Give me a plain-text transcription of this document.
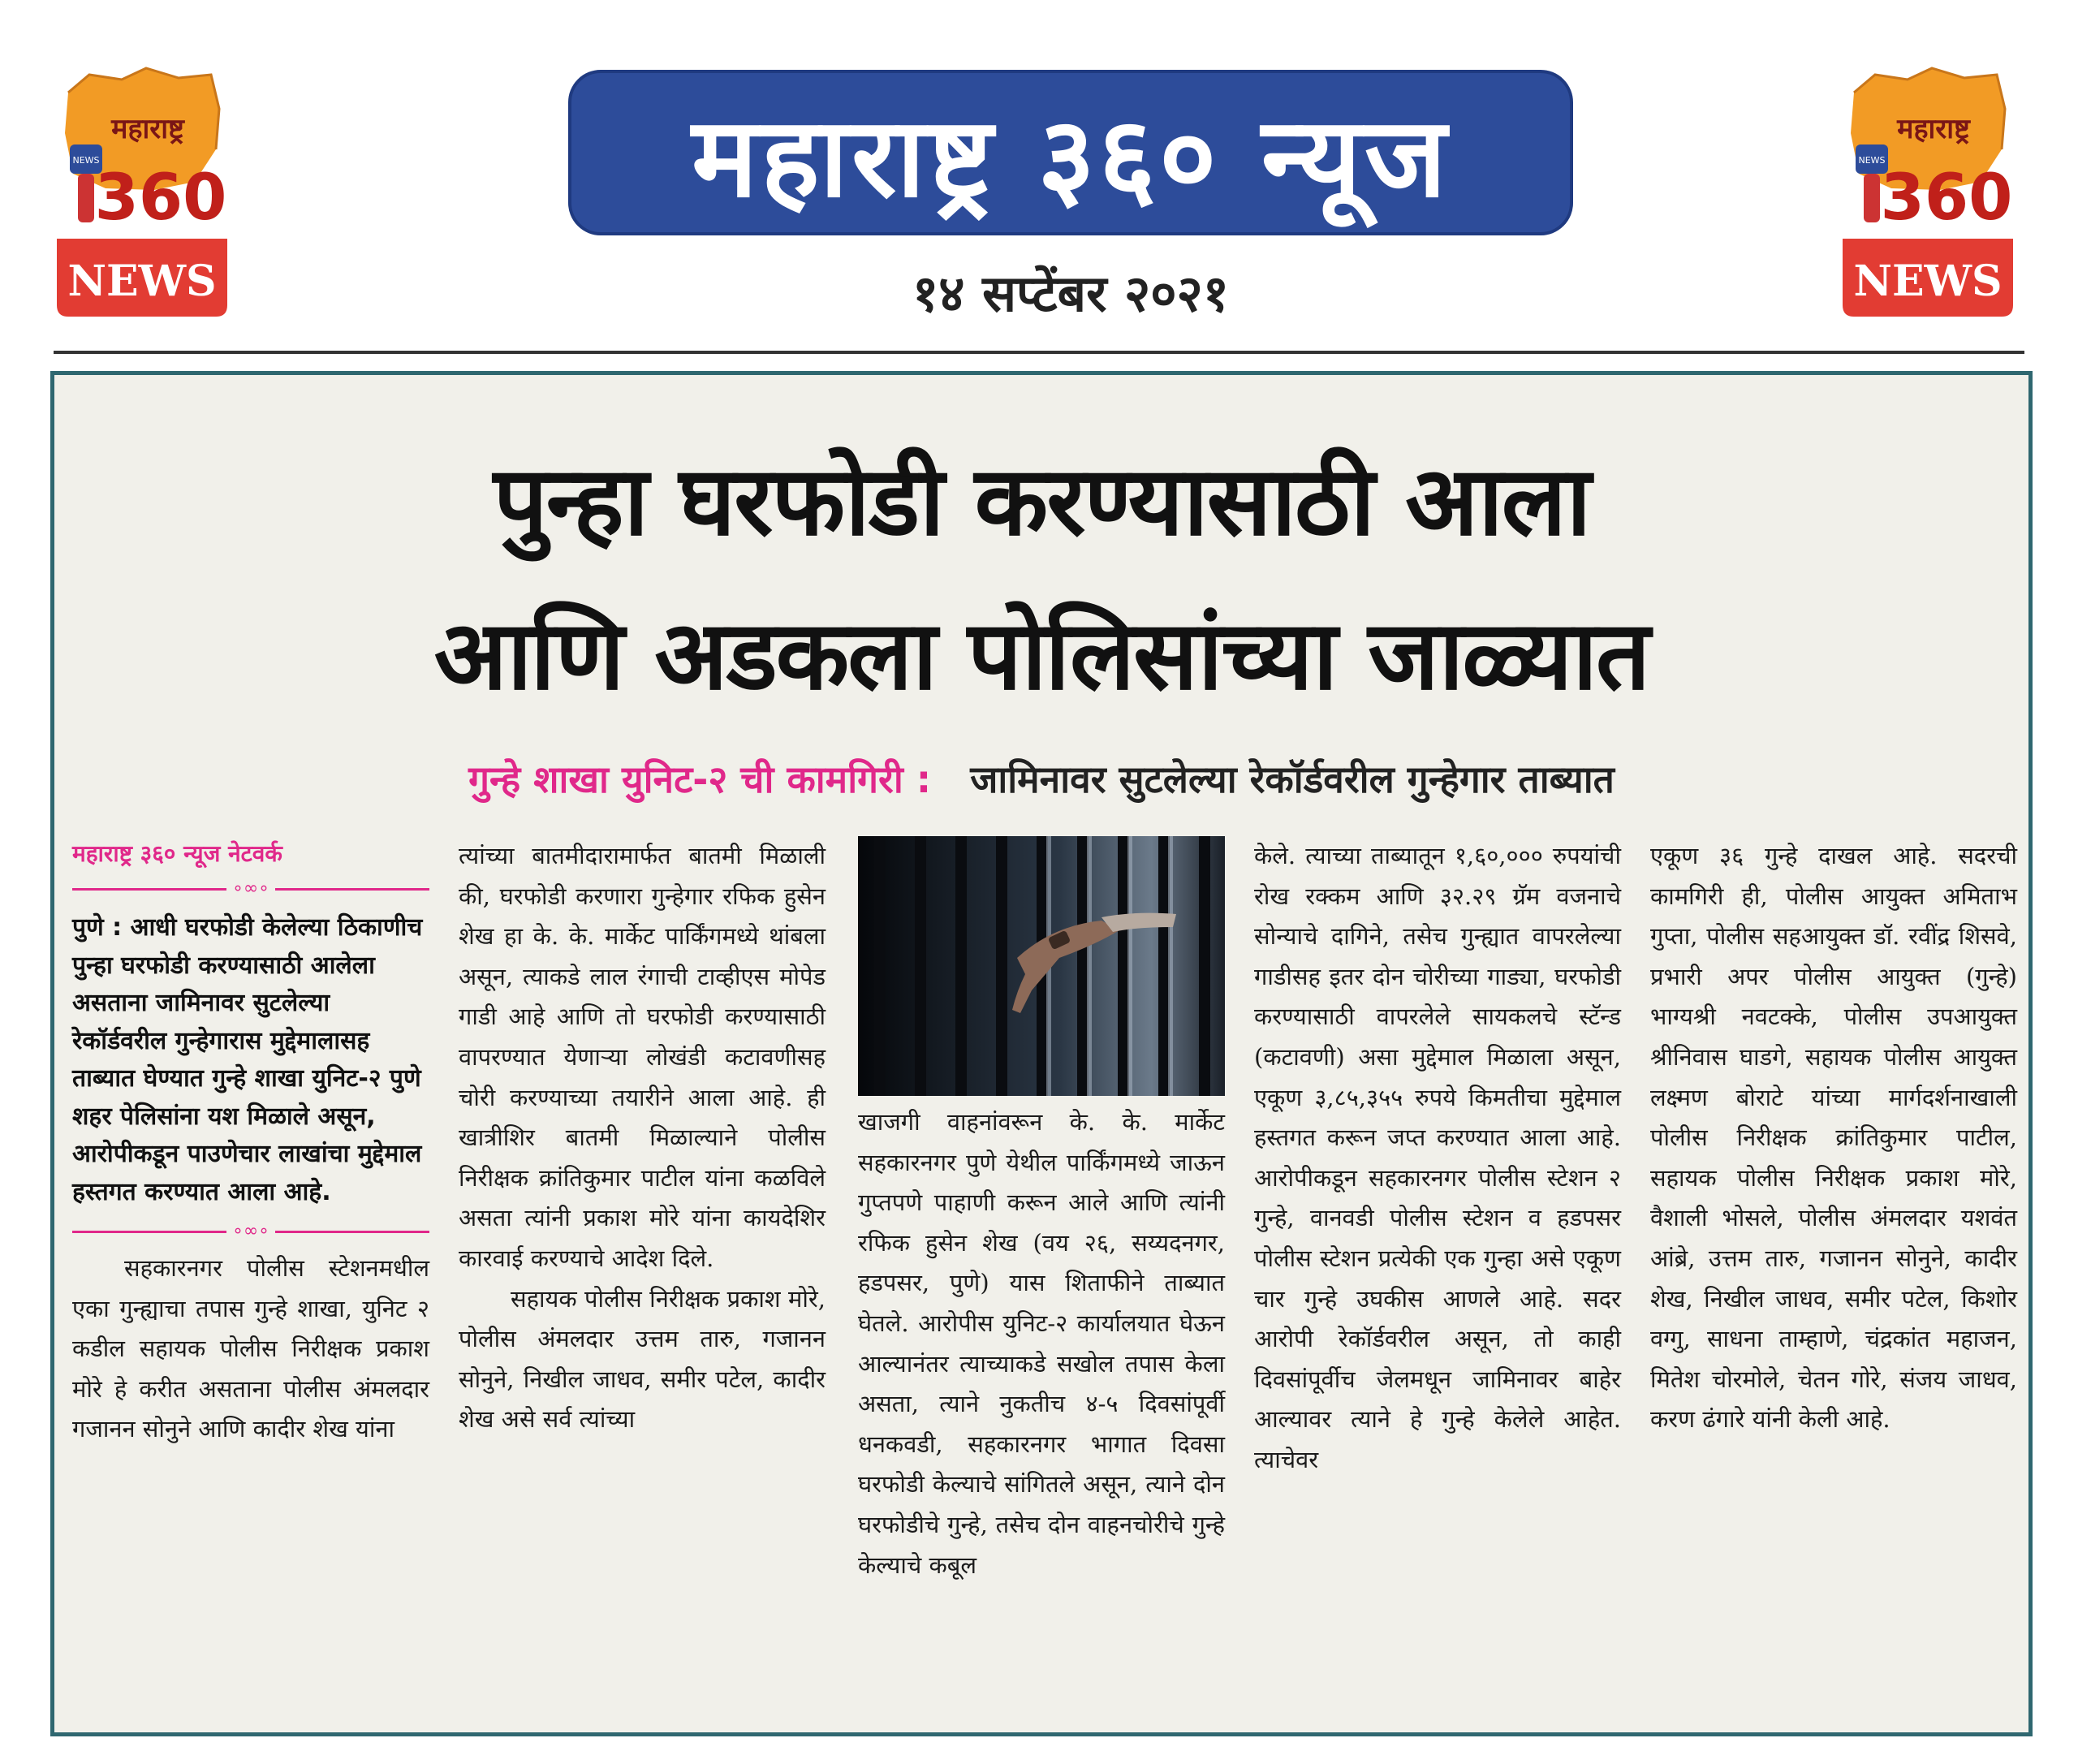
महाराष्ट्र
NEWS
360
NEWS
महाराष्ट्र ३६० न्यूज
१४ सप्टेंबर २०२१
महाराष्ट्र
NEWS
360
NEWS
पुन्हा घरफोडी करण्यासाठी आला
आणि अडकला पोलिसांच्या जाळ्यात
गुन्हे शाखा युनिट-२ ची कामगिरी : जामिनावर सुटलेल्या रेकॉर्डवरील गुन्हेगार ताब्यात
महाराष्ट्र ३६० न्यूज नेटवर्क
∘∞∘

पुणे : आधी घरफोडी केलेल्या ठिकाणीच पुन्हा घरफोडी करण्यासाठी आलेला असताना जामिनावर सुटलेल्या रेकॉर्डवरील गुन्हेगारास मुद्देमालासह ताब्यात घेण्यात गुन्हे शाखा युनिट-२ पुणे शहर पेलिसांना यश मिळाले असून, आरोपीकडून पाउणेचार लाखांचा मुद्देमाल हस्तगत करण्यात आला आहे.

∘∞∘

सहकारनगर पोलीस स्टेशनमधील एका गुन्ह्याचा तपास गुन्हे शाखा, युनिट २ कडील सहायक पोलीस निरीक्षक प्रकाश मोरे हे करीत असताना पोलीस अंमलदार गजानन सोनुने आणि कादीर शेख यांना

त्यांच्या बातमीदारामार्फत बातमी मिळाली की, घरफोडी करणारा गुन्हेगार रफिक हुसेन शेख हा के. के. मार्केट पार्किंगमध्ये थांबला असून, त्याकडे लाल रंगाची टाव्हीएस मोपेड गाडी आहे आणि तो घरफोडी करण्यासाठी वापरण्यात येणाऱ्या लोखंडी कटावणीसह चोरी करण्याच्या तयारीने आला आहे. ही खात्रीशिर बातमी मिळाल्याने पोलीस निरीक्षक क्रांतिकुमार पाटील यांना कळविले असता त्यांनी प्रकाश मोरे यांना कायदेशिर कारवाई करण्याचे आदेश दिले.

सहायक पोलीस निरीक्षक प्रकाश मोरे, पोलीस अंमलदार उत्तम तारु, गजानन सोनुने, निखील जाधव, समीर पटेल, कादीर शेख असे सर्व त्यांच्या

खाजगी वाहनांवरून के. के. मार्केट सहकारनगर पुणे येथील पार्किंगमध्ये जाऊन गुप्तपणे पाहाणी करून आले आणि त्यांनी रफिक हुसेन शेख (वय २६, सय्यदनगर, हडपसर, पुणे) यास शिताफीने ताब्यात घेतले. आरोपीस युनिट-२ कार्यालयात घेऊन आल्यानंतर त्याच्याकडे सखोल तपास केला असता, त्याने नुकतीच ४-५ दिवसांपूर्वी धनकवडी, सहकारनगर भागात दिवसा घरफोडी केल्याचे सांगितले असून, त्याने दोन घरफोडीचे गुन्हे, तसेच दोन वाहनचोरीचे गुन्हे केल्याचे कबूल

केले. त्याच्या ताब्यातून १,६०,००० रुपयांची रोख रक्कम आणि ३२.२९ ग्रॅम वजनाचे सोन्याचे दागिने, तसेच गुन्ह्यात वापरलेल्या गाडीसह इतर दोन चोरीच्या गाड्या, घरफोडी करण्यासाठी वापरलेले सायकलचे स्टॅन्ड (कटावणी) असा मुद्देमाल मिळाला असून, एकूण ३,८५,३५५ रुपये किमतीचा मुद्देमाल हस्तगत करून जप्त करण्यात आला आहे. आरोपीकडून सहकारनगर पोलीस स्टेशन २ गुन्हे, वानवडी पोलीस स्टेशन व हडपसर पोलीस स्टेशन प्रत्येकी एक गुन्हा असे एकूण चार गुन्हे उघकीस आणले आहे. सदर आरोपी रेकॉर्डवरील असून, तो काही दिवसांपूर्वीच जेलमधून जामिनावर बाहेर आल्यावर त्याने हे गुन्हे केलेले आहेत. त्याचेवर

एकूण ३६ गुन्हे दाखल आहे. सदरची कामगिरी ही, पोलीस आयुक्त अमिताभ गुप्ता, पोलीस सहआयुक्त डॉ. रवींद्र शिसवे, प्रभारी अपर पोलीस आयुक्त (गुन्हे) भाग्यश्री नवटक्के, पोलीस उपआयुक्त श्रीनिवास घाडगे, सहायक पोलीस आयुक्त लक्ष्मण बोराटे यांच्या मार्गदर्शनाखाली पोलीस निरीक्षक क्रांतिकुमार पाटील, सहायक पोलीस निरीक्षक प्रकाश मोरे, वैशाली भोसले, पोलीस अंमलदार यशवंत आंब्रे, उत्तम तारु, गजानन सोनुने, कादीर शेख, निखील जाधव, समीर पटेल, किशोर वग्गु, साधना ताम्हाणे, चंद्रकांत महाजन, मितेश चोरमोले, चेतन गोरे, संजय जाधव, करण ढंगारे यांनी केली आहे.
